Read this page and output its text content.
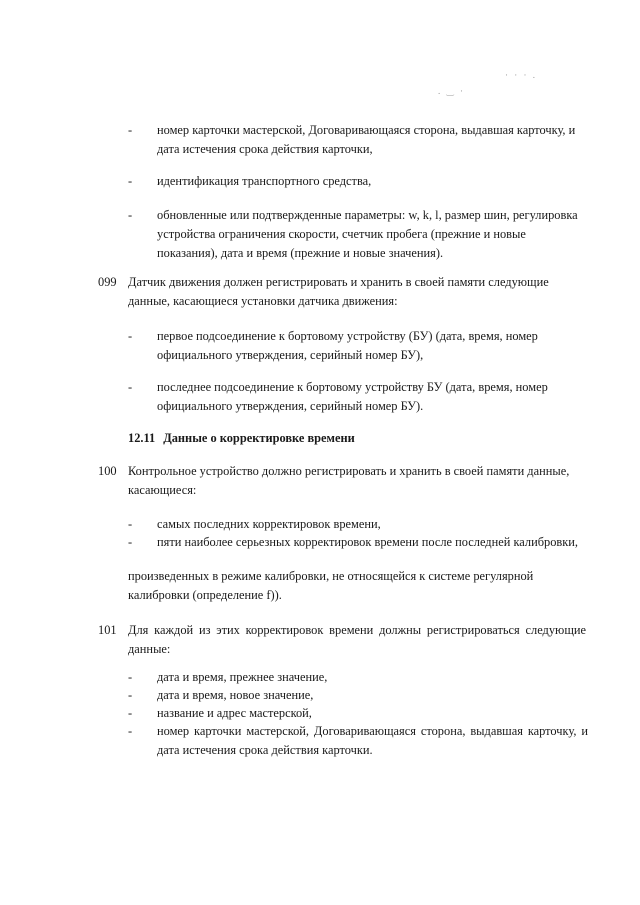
· · · .
. ‿ ·
- номер карточки мастерской, Договаривающаяся сторона, выдавшая карточку, и дата истечения срока действия карточки,
- идентификация транспортного средства,
- обновленные или подтвержденные параметры: w, k, l, размер шин, регулировка устройства ограничения скорости, счетчик пробега (прежние и новые показания), дата и время (прежние и новые значения).
099 Датчик движения должен регистрировать и хранить в своей памяти следующие данные, касающиеся установки датчика движения:
- первое подсоединение к бортовому устройству (БУ) (дата, время, номер официального утверждения, серийный номер БУ),
- последнее подсоединение к бортовому устройству БУ (дата, время, номер официального утверждения, серийный номер БУ).
12.11 Данные о корректировке времени
100 Контрольное устройство должно регистрировать и хранить в своей памяти данные, касающиеся:
- самых последних корректировок времени,
- пяти наиболее серьезных корректировок времени после последней калибровки,
произведенных в режиме калибровки, не относящейся к системе регулярной калибровки (определение f)).
101 Для каждой из этих корректировок времени должны регистрироваться следующие данные:
- дата и время, прежнее значение,
- дата и время, новое значение,
- название и адрес мастерской,
- номер карточки мастерской, Договаривающаяся сторона, выдавшая карточку, и дата истечения срока действия карточки.
